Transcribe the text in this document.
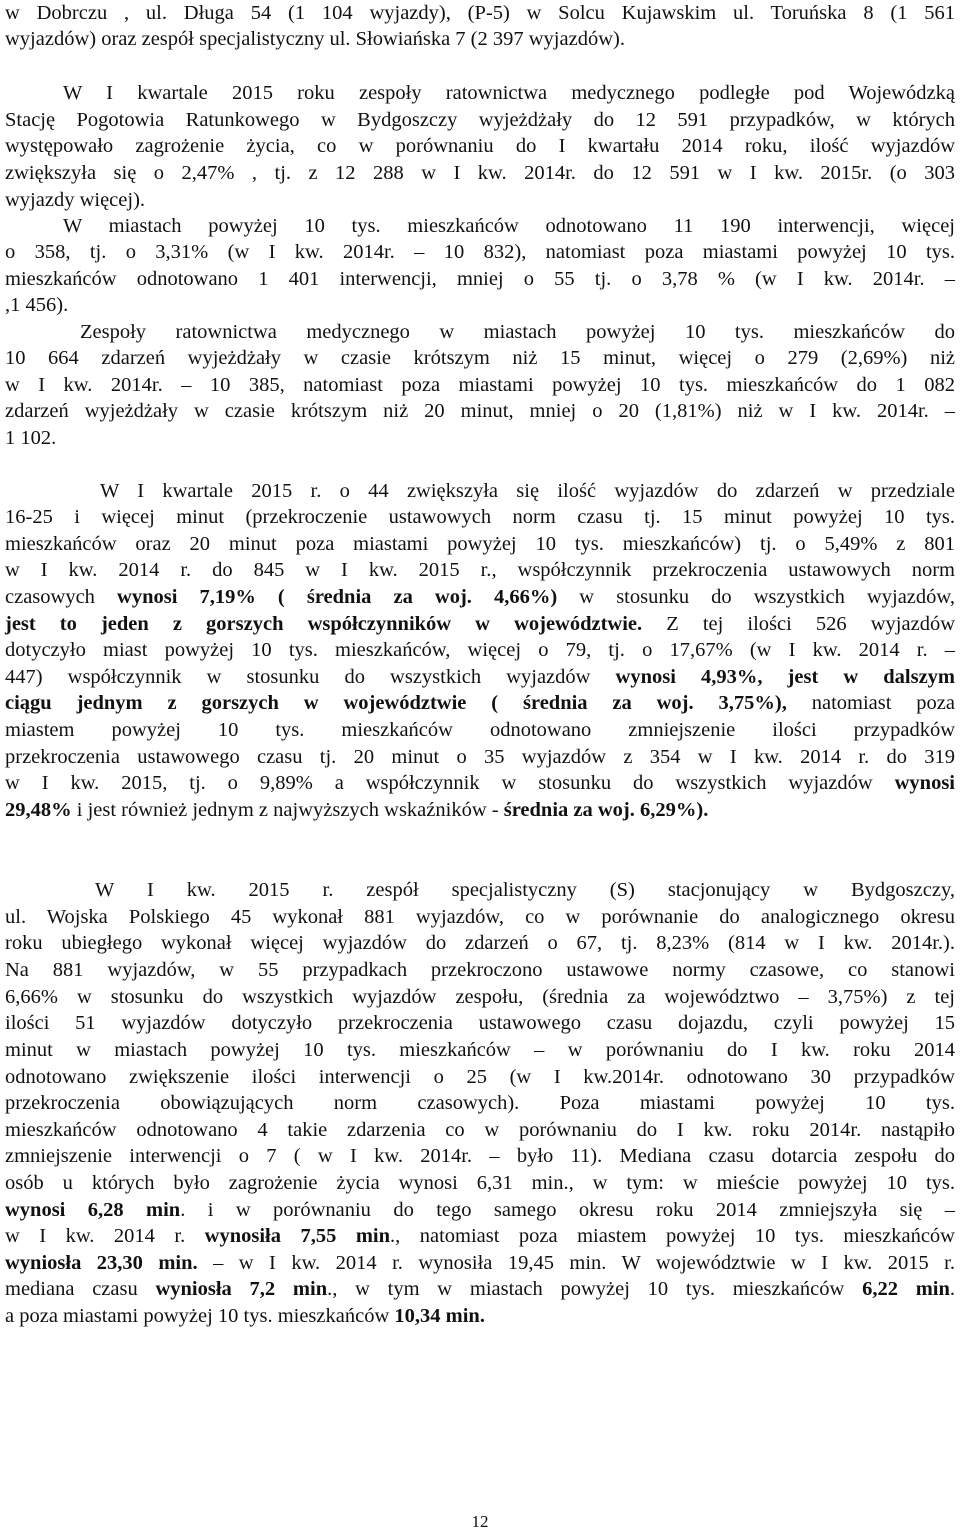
w Dobrczu , ul. Długa 54 (1 104 wyjazdy), (P-5) w Solcu Kujawskim ul. Toruńska 8 (1 561
wyjazdów) oraz zespół specjalistyczny ul. Słowiańska 7 (2 397 wyjazdów).
W I kwartale 2015 roku zespoły ratownictwa medycznego podległe pod Wojewódzką
Stację Pogotowia Ratunkowego w Bydgoszczy wyjeżdżały do 12 591 przypadków, w których
występowało zagrożenie życia, co w porównaniu do I kwartału 2014 roku, ilość wyjazdów
zwiększyła się o 2,47% , tj. z 12 288 w I kw. 2014r. do 12 591 w I kw. 2015r. (o 303
wyjazdy więcej).
W miastach powyżej 10 tys. mieszkańców odnotowano 11 190 interwencji, więcej
o 358, tj. o 3,31% (w I kw. 2014r. – 10 832), natomiast poza miastami powyżej 10 tys.
mieszkańców odnotowano 1 401 interwencji, mniej o 55 tj. o 3,78 % (w I kw. 2014r. –
,1 456).
Zespoły ratownictwa medycznego w miastach powyżej 10 tys. mieszkańców do
10 664 zdarzeń wyjeżdżały w czasie krótszym niż 15 minut, więcej o 279 (2,69%) niż
w I kw. 2014r. – 10 385, natomiast poza miastami powyżej 10 tys. mieszkańców do 1 082
zdarzeń wyjeżdżały w czasie krótszym niż 20 minut, mniej o 20 (1,81%) niż w I kw. 2014r. –
1 102.
W I kwartale 2015 r. o 44 zwiększyła się ilość wyjazdów do zdarzeń w przedziale
16-25 i więcej minut (przekroczenie ustawowych norm czasu tj. 15 minut powyżej 10 tys.
mieszkańców oraz 20 minut poza miastami powyżej 10 tys. mieszkańców) tj. o 5,49% z 801
w I kw. 2014 r. do 845 w I kw. 2015 r., współczynnik przekroczenia ustawowych norm
czasowych wynosi 7,19% ( średnia za woj. 4,66%) w stosunku do wszystkich wyjazdów,
jest to jeden z gorszych współczynników w województwie. Z tej ilości 526 wyjazdów
dotyczyło miast powyżej 10 tys. mieszkańców, więcej o 79, tj. o 17,67% (w I kw. 2014 r. –
447) współczynnik w stosunku do wszystkich wyjazdów wynosi 4,93%, jest w dalszym
ciągu jednym z gorszych w województwie ( średnia za woj. 3,75%), natomiast poza
miastem powyżej 10 tys. mieszkańców odnotowano zmniejszenie ilości przypadków
przekroczenia ustawowego czasu tj. 20 minut o 35 wyjazdów z 354 w I kw. 2014 r. do 319
w I kw. 2015, tj. o 9,89% a współczynnik w stosunku do wszystkich wyjazdów wynosi
29,48% i jest również jednym z najwyższych wskaźników - średnia za woj. 6,29%).
W I kw. 2015 r. zespół specjalistyczny (S) stacjonujący w Bydgoszczy,
ul. Wojska Polskiego 45 wykonał 881 wyjazdów, co w porównanie do analogicznego okresu
roku ubiegłego wykonał więcej wyjazdów do zdarzeń o 67, tj. 8,23% (814 w I kw. 2014r.).
Na 881 wyjazdów, w 55 przypadkach przekroczono ustawowe normy czasowe, co stanowi
6,66% w stosunku do wszystkich wyjazdów zespołu, (średnia za województwo – 3,75%) z tej
ilości 51 wyjazdów dotyczyło przekroczenia ustawowego czasu dojazdu, czyli powyżej 15
minut w miastach powyżej 10 tys. mieszkańców – w porównaniu do I kw. roku 2014
odnotowano zwiększenie ilości interwencji o 25 (w I kw.2014r. odnotowano 30 przypadków
przekroczenia obowiązujących norm czasowych). Poza miastami powyżej 10 tys.
mieszkańców odnotowano 4 takie zdarzenia co w porównaniu do I kw. roku 2014r. nastąpiło
zmniejszenie interwencji o 7 ( w I kw. 2014r. – było 11). Mediana czasu dotarcia zespołu do
osób u których było zagrożenie życia wynosi 6,31 min., w tym: w mieście powyżej 10 tys.
wynosi 6,28 min. i w porównaniu do tego samego okresu roku 2014 zmniejszyła się –
w I kw. 2014 r. wynosiła 7,55 min., natomiast poza miastem powyżej 10 tys. mieszkańców
wyniosła 23,30 min. – w I kw. 2014 r. wynosiła 19,45 min. W województwie w I kw. 2015 r.
mediana czasu wyniosła 7,2 min., w tym w miastach powyżej 10 tys. mieszkańców 6,22 min.
a poza miastami powyżej 10 tys. mieszkańców 10,34 min.
12
